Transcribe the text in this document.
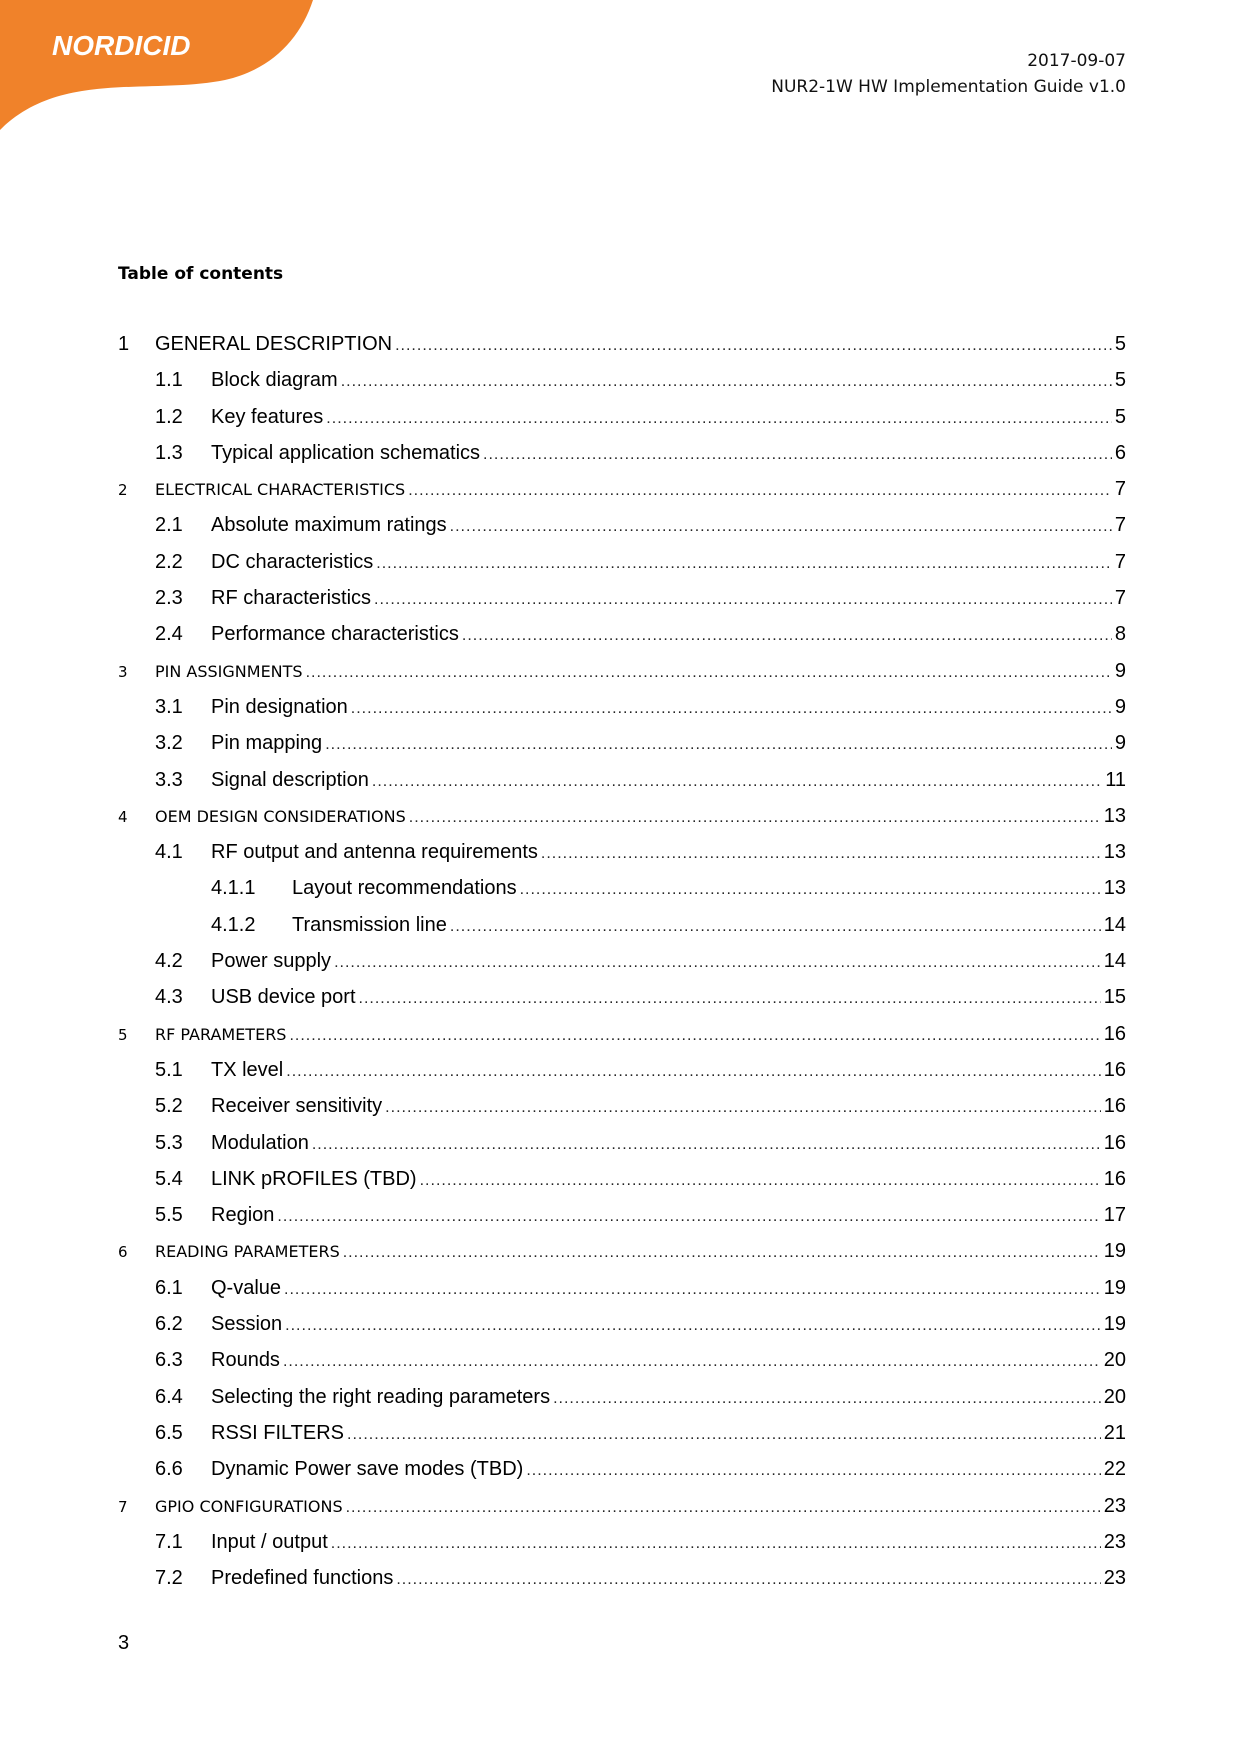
NORDICID	2017-09-07
NUR2-1W HW Implementation Guide v1.0
Table of contents
1	GENERAL DESCRIPTION .....	5
1.1	Block diagram .....	5
1.2	Key features .....	5
1.3	Typical application schematics .....	6
2	ELECTRICAL CHARACTERISTICS .....	7
2.1	Absolute maximum ratings .....	7
2.2	DC characteristics .....	7
2.3	RF characteristics .....	7
2.4	Performance characteristics .....	8
3	PIN ASSIGNMENTS .....	9
3.1	Pin designation .....	9
3.2	Pin mapping .....	9
3.3	Signal description .....	11
4	OEM DESIGN CONSIDERATIONS .....	13
4.1	RF output and antenna requirements .....	13
4.1.1	Layout recommendations .....	13
4.1.2	Transmission line .....	14
4.2	Power supply .....	14
4.3	USB device port .....	15
5	RF PARAMETERS .....	16
5.1	TX level .....	16
5.2	Receiver sensitivity .....	16
5.3	Modulation .....	16
5.4	LINK pROFILES (TBD) .....	16
5.5	Region .....	17
6	READING PARAMETERS .....	19
6.1	Q-value .....	19
6.2	Session .....	19
6.3	Rounds .....	20
6.4	Selecting the right reading parameters .....	20
6.5	RSSI FILTERS .....	21
6.6	Dynamic Power save modes (TBD) .....	22
7	GPIO CONFIGURATIONS .....	23
7.1	Input / output .....	23
7.2	Predefined functions .....	23
3
